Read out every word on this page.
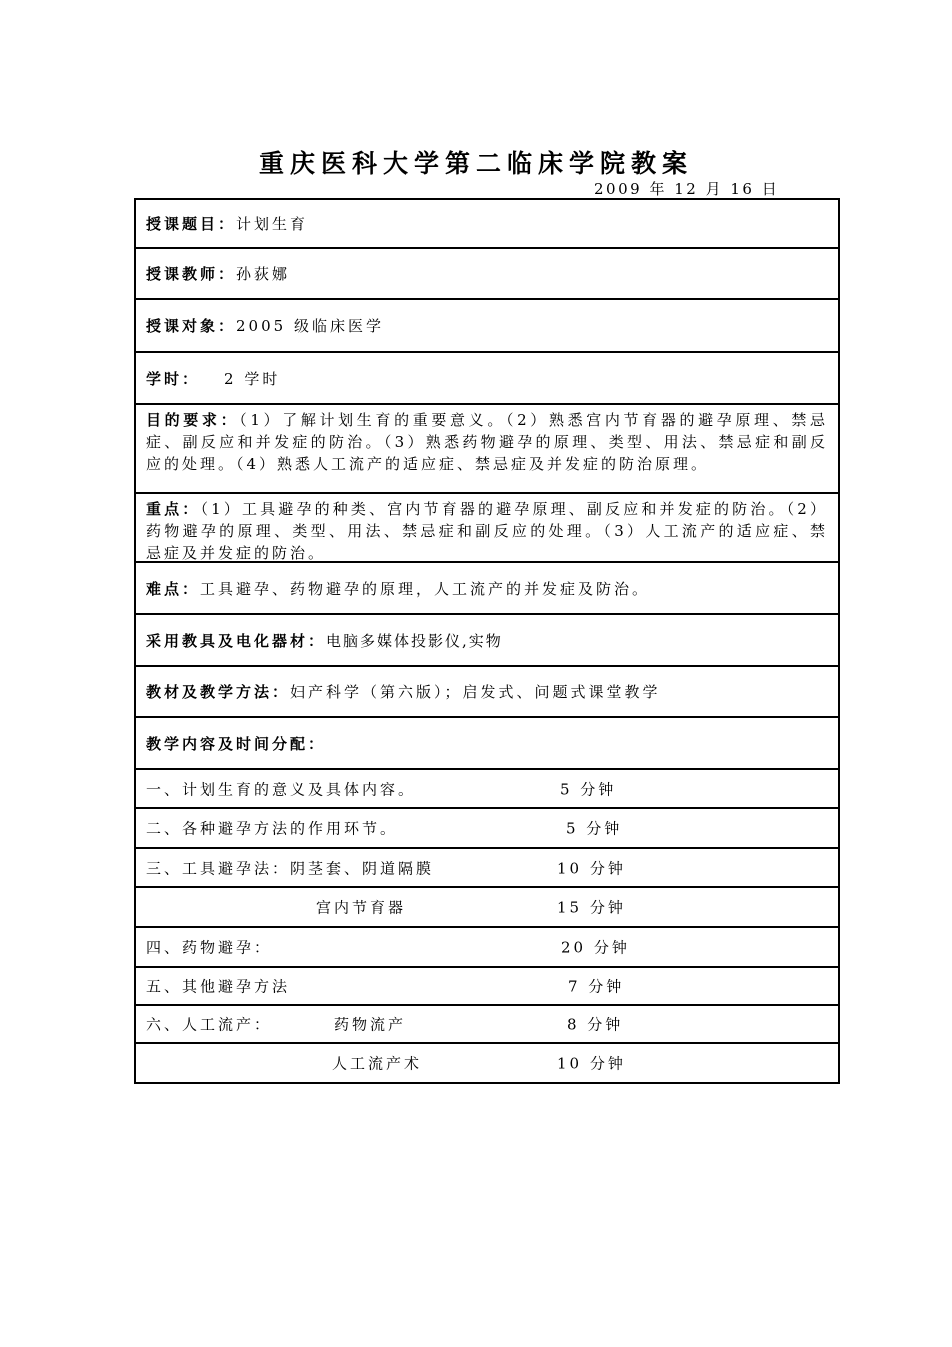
重庆医科大学第二临床学院教案
2009 年 12 月 16 日
授课题目： 计划生育
授课教师： 孙荻娜
授课对象： 2005 级临床医学
学时： 2 学时
目的要求：（1）了解计划生育的重要意义。（2）熟悉宫内节育器的避孕原理、禁忌症、副反应和并发症的防治。（3）熟悉药物避孕的原理、类型、用法、禁忌症和副反应的处理。（4）熟悉人工流产的适应症、禁忌症及并发症的防治原理。
重点：（1）工具避孕的种类、宫内节育器的避孕原理、副反应和并发症的防治。（2）药物避孕的原理、类型、用法、禁忌症和副反应的处理。（3）人工流产的适应症、禁忌症及并发症的防治。
难点： 工具避孕、药物避孕的原理，人工流产的并发症及防治。
采用教具及电化器材： 电脑多媒体投影仪,实物
教材及教学方法： 妇产科学（第六版）；启发式、问题式课堂教学
教学内容及时间分配：
一、计划生育的意义及具体内容。	5 分钟
二、各种避孕方法的作用环节。	5 分钟
三、工具避孕法：阴茎套、阴道隔膜	10 分钟
宫内节育器	15 分钟
四、药物避孕：	20 分钟
五、其他避孕方法	7 分钟
六、人工流产：	药物流产	8 分钟
人工流产术	10 分钟
